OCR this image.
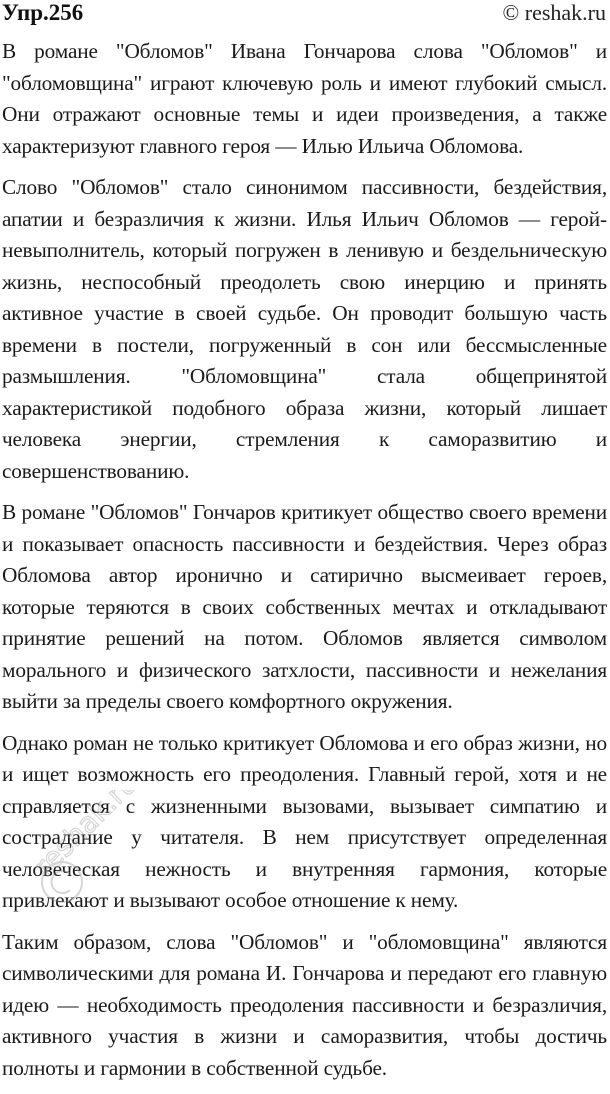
Упр.256	© reshak.ru

В романе "Обломов" Ивана Гончарова слова "Обломов" и "обломовщина" играют ключевую роль и имеют глубокий смысл. Они отражают основные темы и идеи произведения, а также характеризуют главного героя — Илью Ильича Обломова.

Слово "Обломов" стало синонимом пассивности, бездействия, апатии и безразличия к жизни. Илья Ильич Обломов — герой-невыполнитель, который погружен в ленивую и бездельническую жизнь, неспособный преодолеть свою инерцию и принять активное участие в своей судьбе. Он проводит большую часть времени в постели, погруженный в сон или бессмысленные размышления. "Обломовщина" стала общепринятой характеристикой подобного образа жизни, который лишает человека энергии, стремления к саморазвитию и совершенствованию.

В романе "Обломов" Гончаров критикует общество своего времени и показывает опасность пассивности и бездействия. Через образ Обломова автор иронично и сатирично высмеивает героев, которые теряются в своих собственных мечтах и откладывают принятие решений на потом. Обломов является символом морального и физического затхлости, пассивности и нежелания выйти за пределы своего комфортного окружения.

Однако роман не только критикует Обломова и его образ жизни, но и ищет возможность его преодоления. Главный герой, хотя и не справляется с жизненными вызовами, вызывает симпатию и сострадание у читателя. В нем присутствует определенная человеческая нежность и внутренняя гармония, которые привлекают и вызывают особое отношение к нему.

Таким образом, слова "Обломов" и "обломовщина" являются символическими для романа И. Гончарова и передают его главную идею — необходимость преодоления пассивности и безразличия, активного участия в жизни и саморазвития, чтобы достичь полноты и гармонии в собственной судьбе.

reshak.ru
